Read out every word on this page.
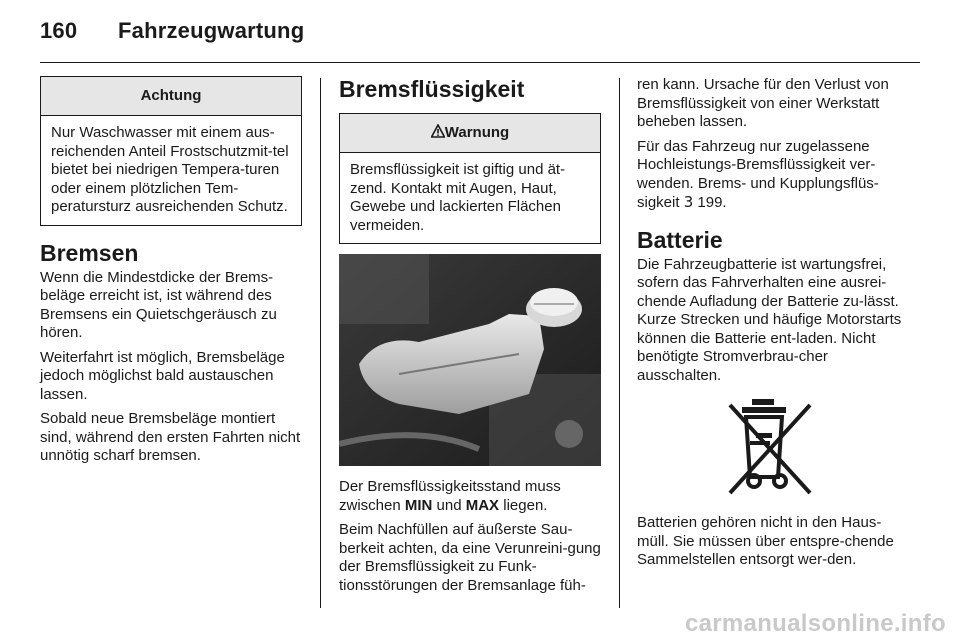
160 Fahrzeugwartung
Achtung
Nur Waschwasser mit einem aus-reichenden Anteil Frostschutzmit-tel bietet bei niedrigen Tempera-turen oder einem plötzlichen Tem-peratursturz ausreichenden Schutz.
Bremsen

Wenn die Mindestdicke der Brems-beläge erreicht ist, ist während des Bremsens ein Quietschgeräusch zu hören.

Weiterfahrt ist möglich, Bremsbeläge jedoch möglichst bald austauschen lassen.

Sobald neue Bremsbeläge montiert sind, während den ersten Fahrten nicht unnötig scharf bremsen.

Bremsflüssigkeit
Warnung
Bremsflüssigkeit ist giftig und ät-zend. Kontakt mit Augen, Haut, Gewebe und lackierten Flächen vermeiden.

Der Bremsflüssigkeitsstand muss zwischen MIN und MAX liegen.

Beim Nachfüllen auf äußerste Sau-berkeit achten, da eine Verunreini-gung der Bremsflüssigkeit zu Funk-tionsstörungen der Bremsanlage füh-

ren kann. Ursache für den Verlust von Bremsflüssigkeit von einer Werkstatt beheben lassen.

Für das Fahrzeug nur zugelassene Hochleistungs-Bremsflüssigkeit ver-wenden. Brems- und Kupplungsflüs-sigkeit 3 199.

Batterie

Die Fahrzeugbatterie ist wartungsfrei, sofern das Fahrverhalten eine ausrei-chende Aufladung der Batterie zu-lässt. Kurze Strecken und häufige Motorstarts können die Batterie ent-laden. Nicht benötigte Stromverbrau-cher ausschalten.

Batterien gehören nicht in den Haus-müll. Sie müssen über entspre-chende Sammelstellen entsorgt wer-den.

carmanualsonline.info
